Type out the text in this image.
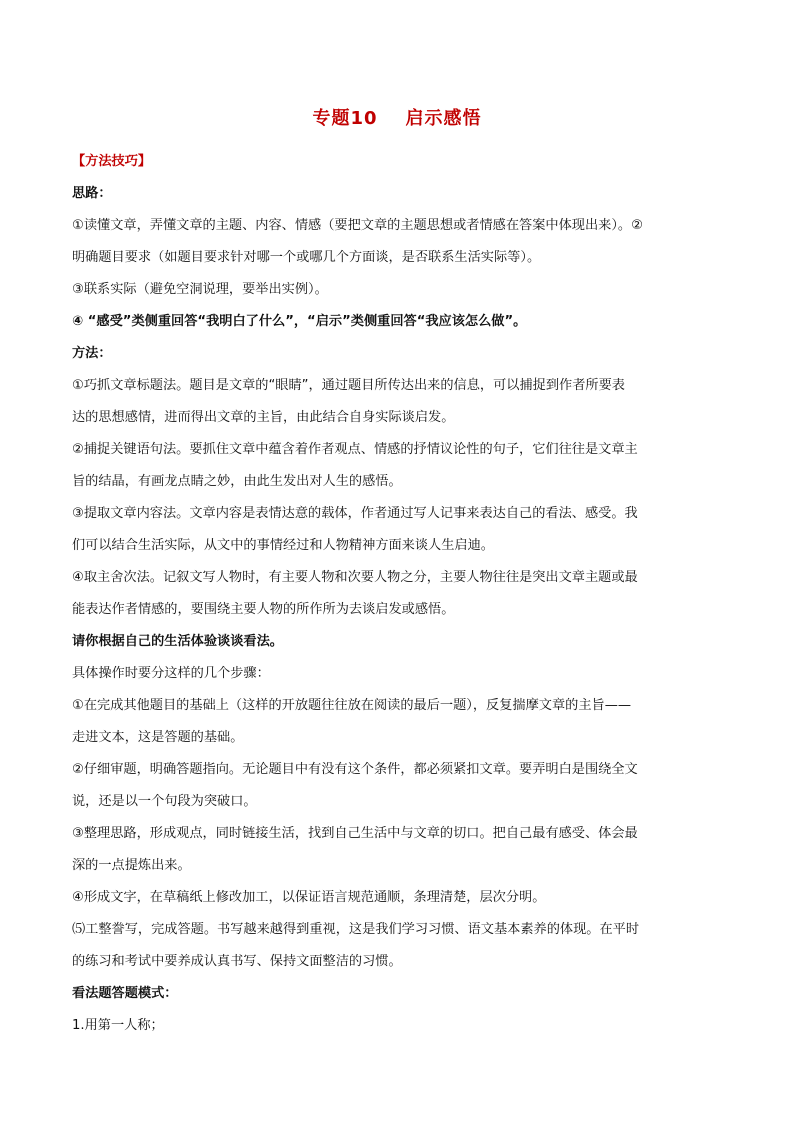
专题10 启示感悟
【方法技巧】
思路：
①读懂文章，弄懂文章的主题、内容、情感（要把文章的主题思想或者情感在答案中体现出来）。②
明确题目要求（如题目要求针对哪一个或哪几个方面谈，是否联系生活实际等）。
③联系实际（避免空洞说理，要举出实例）。
④ “感受”类侧重回答“我明白了什么”，“启示”类侧重回答“我应该怎么做”。
方法：
①巧抓文章标题法。题目是文章的“眼睛”，通过题目所传达出来的信息，可以捕捉到作者所要表
达的思想感情，进而得出文章的主旨，由此结合自身实际谈启发。
②捕捉关键语句法。要抓住文章中蕴含着作者观点、情感的抒情议论性的句子，它们往往是文章主
旨的结晶，有画龙点睛之妙，由此生发出对人生的感悟。
③提取文章内容法。文章内容是表情达意的载体，作者通过写人记事来表达自己的看法、感受。我
们可以结合生活实际，从文中的事情经过和人物精神方面来谈人生启迪。
④取主舍次法。记叙文写人物时，有主要人物和次要人物之分，主要人物往往是突出文章主题或最
能表达作者情感的，要围绕主要人物的所作所为去谈启发或感悟。
请你根据自己的生活体验谈谈看法。
具体操作时要分这样的几个步骤：
①在完成其他题目的基础上（这样的开放题往往放在阅读的最后一题），反复揣摩文章的主旨——
走进文本，这是答题的基础。
②仔细审题，明确答题指向。无论题目中有没有这个条件，都必须紧扣文章。要弄明白是围绕全文
说，还是以一个句段为突破口。
③整理思路，形成观点，同时链接生活，找到自己生活中与文章的切口。把自己最有感受、体会最
深的一点提炼出来。
④形成文字，在草稿纸上修改加工，以保证语言规范通顺，条理清楚，层次分明。
⑸工整誊写，完成答题。书写越来越得到重视，这是我们学习习惯、语文基本素养的体现。在平时
的练习和考试中要养成认真书写、保持文面整洁的习惯。
看法题答题模式：
1.用第一人称；
